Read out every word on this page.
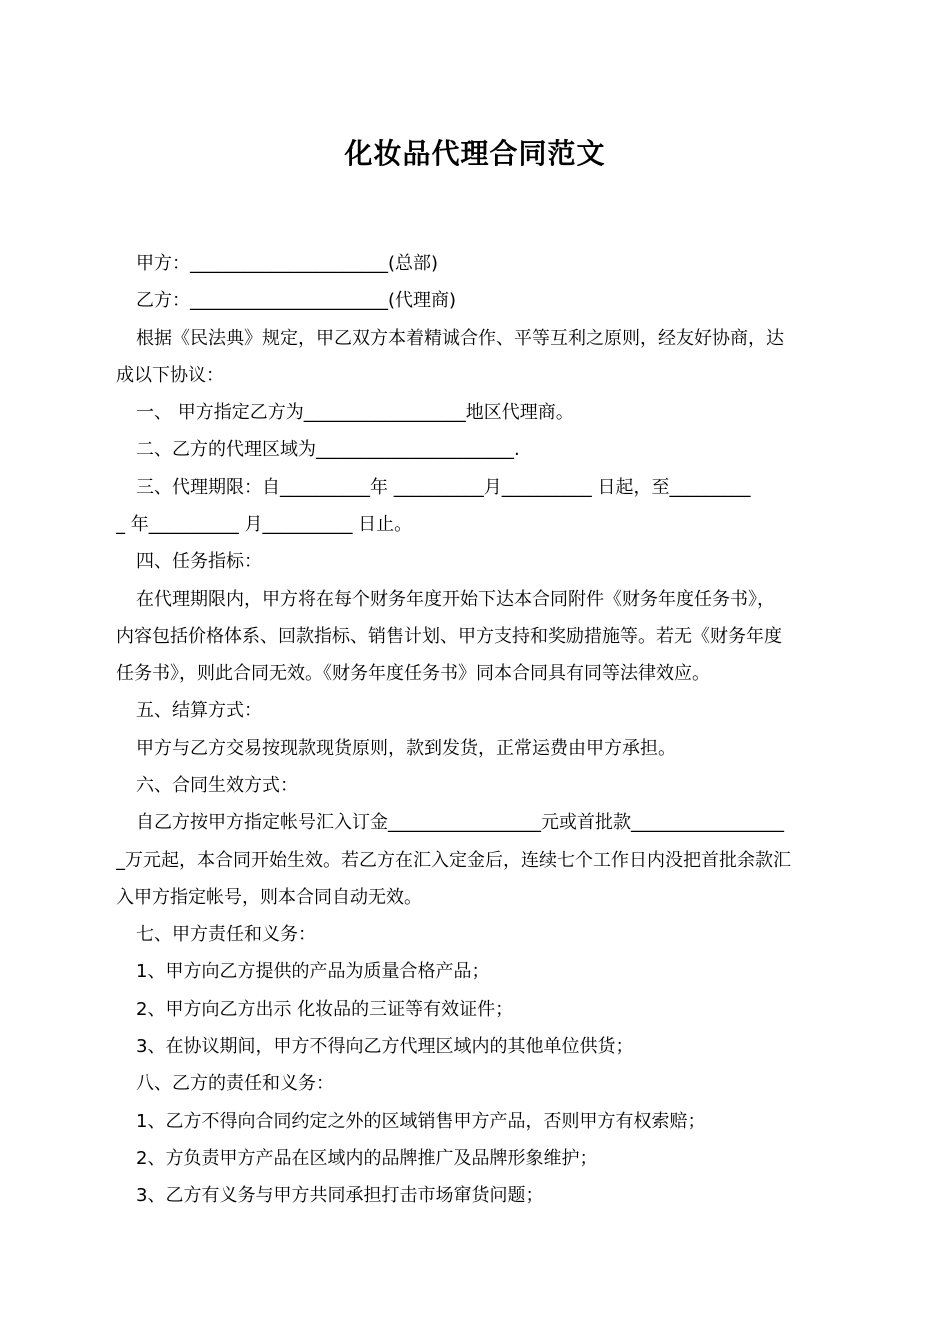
化妆品代理合同范文
甲方：______________________(总部)
乙方：______________________(代理商)
根据《民法典》规定，甲乙双方本着精诚合作、平等互利之原则，经友好协商，达
成以下协议：
一、 甲方指定乙方为__________________地区代理商。
二、乙方的代理区域为______________________.
三、代理期限：自__________年 __________月__________ 日起，至_________
_ 年__________ 月__________ 日止。
四、任务指标：
在代理期限内，甲方将在每个财务年度开始下达本合同附件《财务年度任务书》，
内容包括价格体系、回款指标、销售计划、甲方支持和奖励措施等。若无《财务年度
任务书》，则此合同无效。《财务年度任务书》同本合同具有同等法律效应。
五、结算方式：
甲方与乙方交易按现款现货原则，款到发货，正常运费由甲方承担。
六、合同生效方式：
自乙方按甲方指定帐号汇入订金_________________元或首批款_________________
_万元起，本合同开始生效。若乙方在汇入定金后，连续七个工作日内没把首批余款汇
入甲方指定帐号，则本合同自动无效。
七、甲方责任和义务：
1、甲方向乙方提供的产品为质量合格产品；
2、甲方向乙方出示 化妆品的三证等有效证件；
3、在协议期间，甲方不得向乙方代理区域内的其他单位供货；
八、乙方的责任和义务：
1、乙方不得向合同约定之外的区域销售甲方产品，否则甲方有权索赔；
2、方负责甲方产品在区域内的品牌推广及品牌形象维护；
3、乙方有义务与甲方共同承担打击市场窜货问题；
